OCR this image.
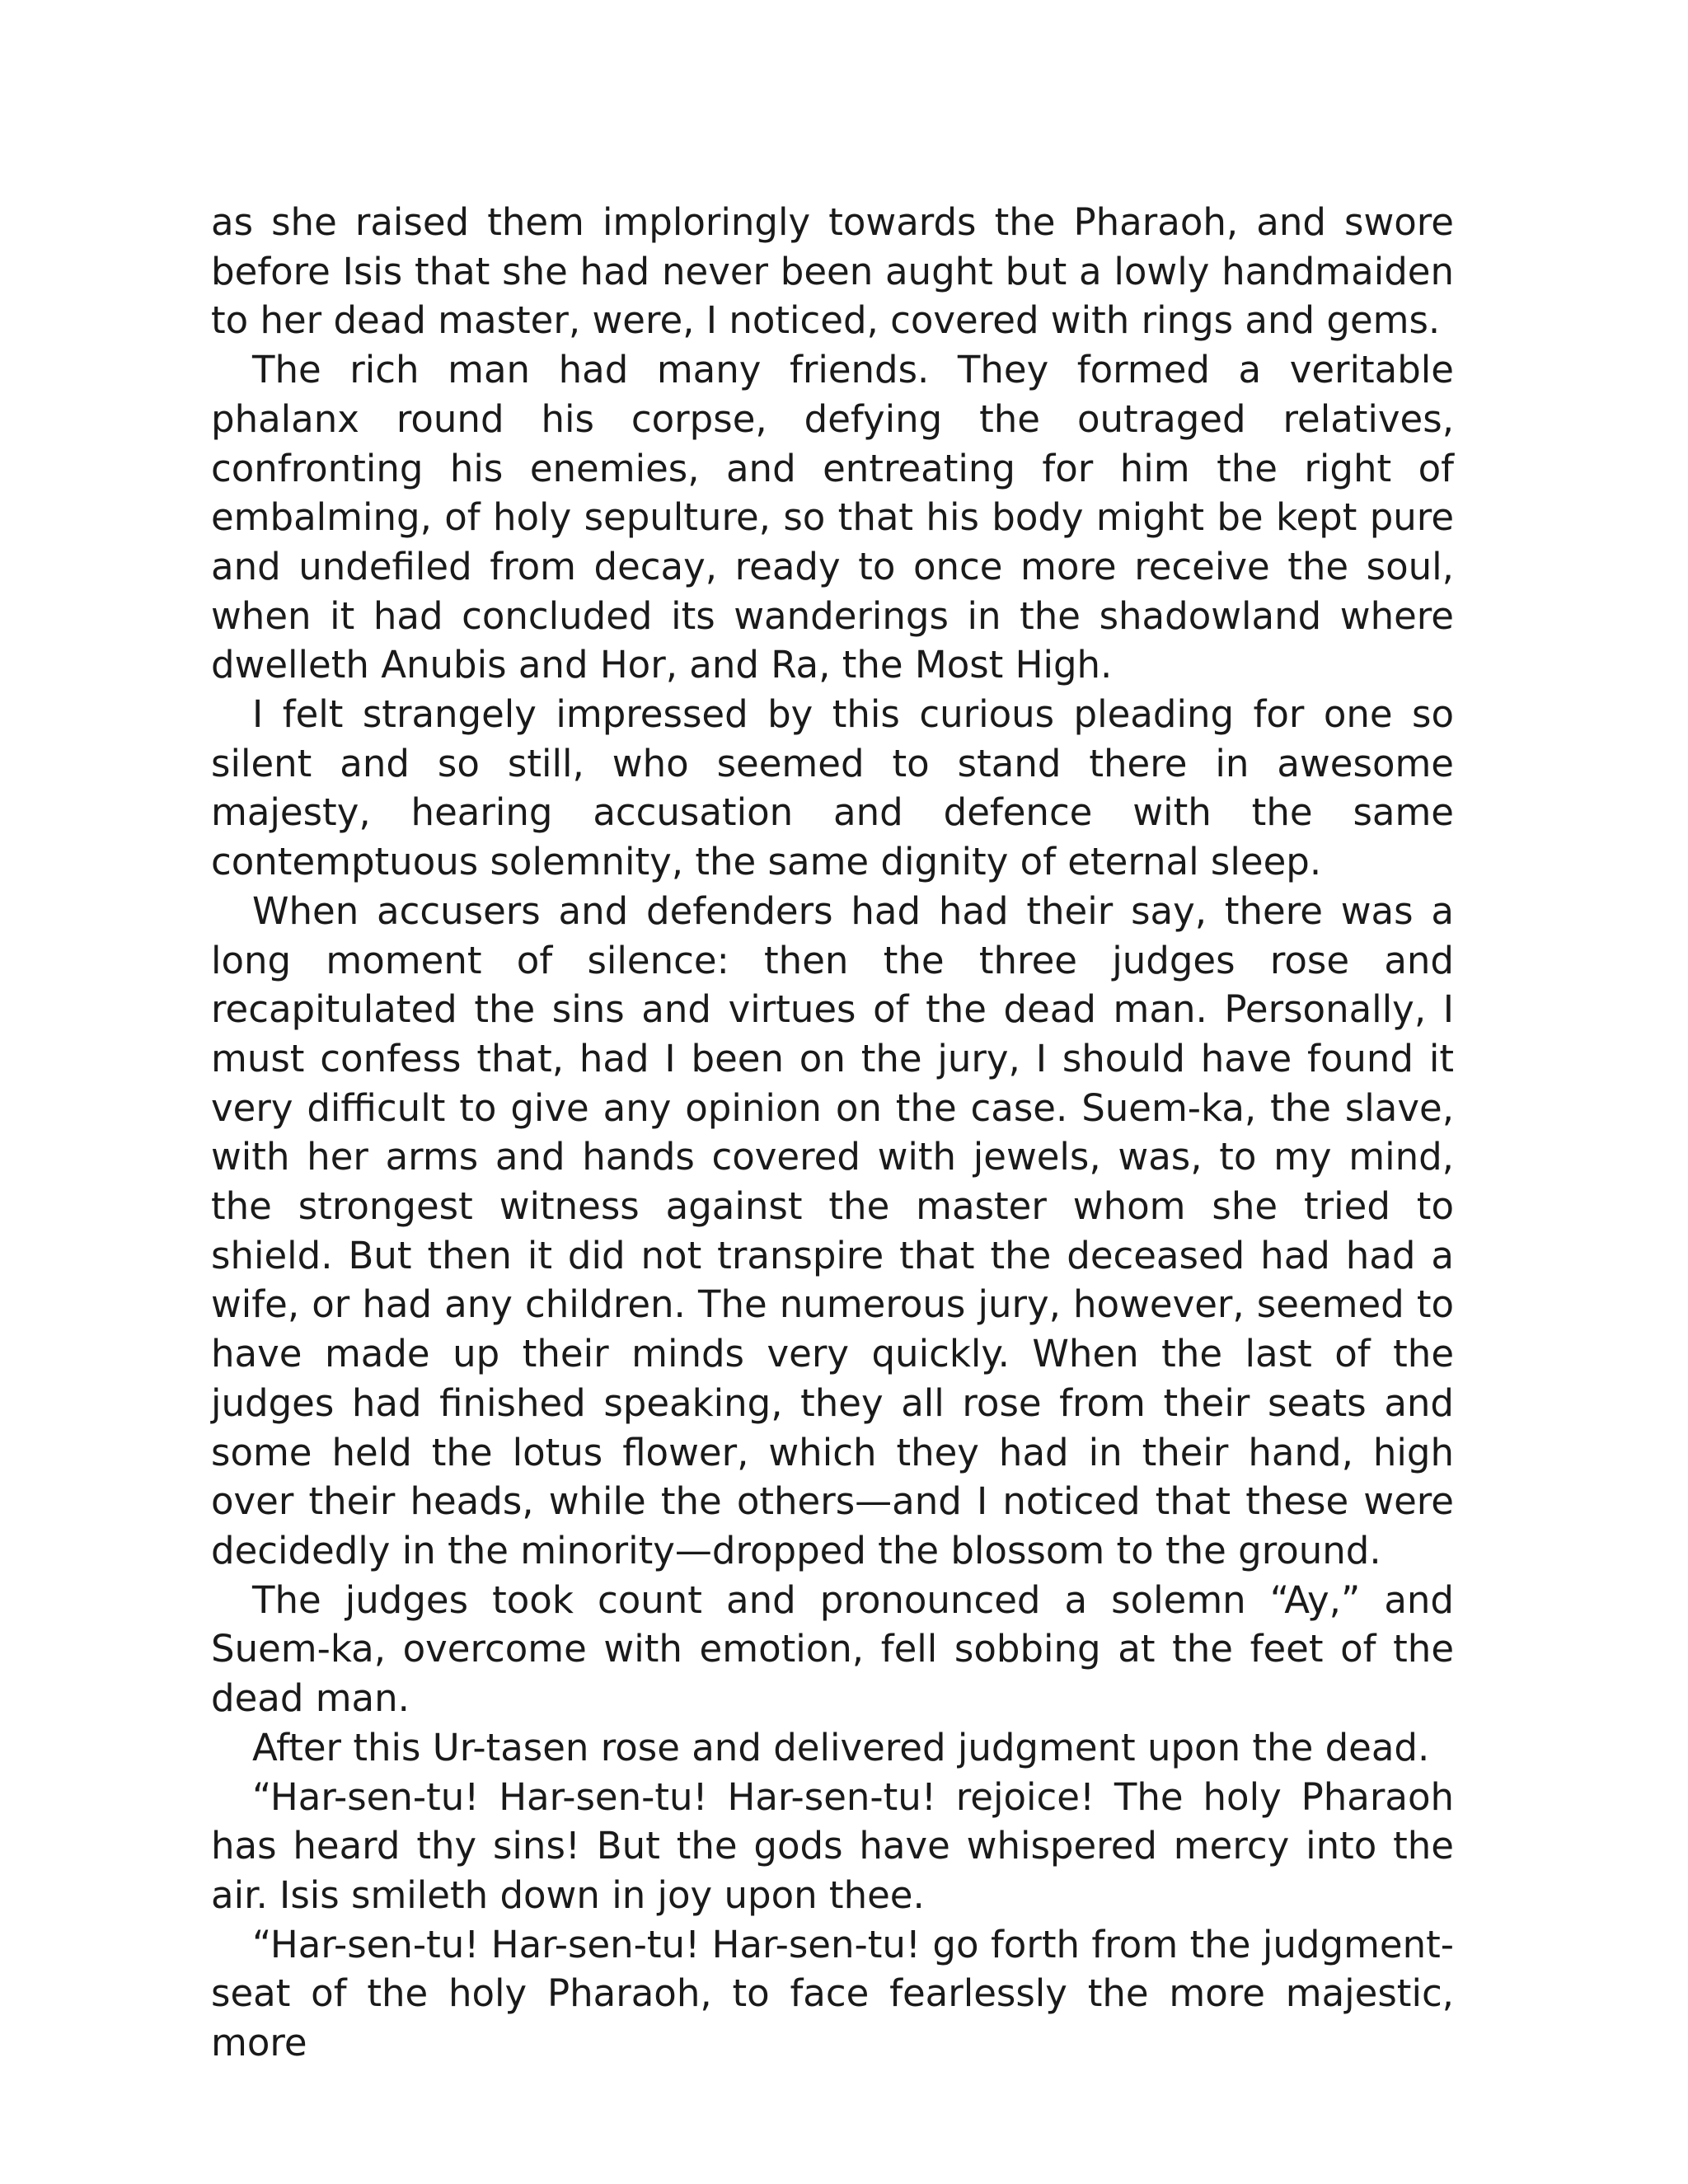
as she raised them imploringly towards the Pharaoh, and swore before Isis that she had never been aught but a lowly handmaiden to her dead master, were, I noticed, covered with rings and gems.

The rich man had many friends. They formed a veritable phalanx round his corpse, defying the outraged relatives, confronting his enemies, and entreating for him the right of embalming, of holy sepulture, so that his body might be kept pure and undefiled from decay, ready to once more receive the soul, when it had concluded its wanderings in the shadowland where dwelleth Anubis and Hor, and Ra, the Most High.

I felt strangely impressed by this curious pleading for one so silent and so still, who seemed to stand there in awesome majesty, hearing accusation and defence with the same contemptuous solemnity, the same dignity of eternal sleep.

When accusers and defenders had had their say, there was a long moment of silence: then the three judges rose and recapitulated the sins and virtues of the dead man. Personally, I must confess that, had I been on the jury, I should have found it very difficult to give any opinion on the case. Suem-ka, the slave, with her arms and hands covered with jewels, was, to my mind, the strongest witness against the master whom she tried to shield. But then it did not transpire that the deceased had had a wife, or had any children. The numerous jury, however, seemed to have made up their minds very quickly. When the last of the judges had finished speaking, they all rose from their seats and some held the lotus flower, which they had in their hand, high over their heads, while the others—and I noticed that these were decidedly in the minority—dropped the blossom to the ground.

The judges took count and pronounced a solemn “Ay,” and Suem-ka, overcome with emotion, fell sobbing at the feet of the dead man.

After this Ur-tasen rose and delivered judgment upon the dead.

“Har-sen-tu! Har-sen-tu! Har-sen-tu! rejoice! The holy Pharaoh has heard thy sins! But the gods have whispered mercy into the air. Isis smileth down in joy upon thee.

“Har-sen-tu! Har-sen-tu! Har-sen-tu! go forth from the judgment-seat of the holy Pharaoh, to face fearlessly the more majestic, more
